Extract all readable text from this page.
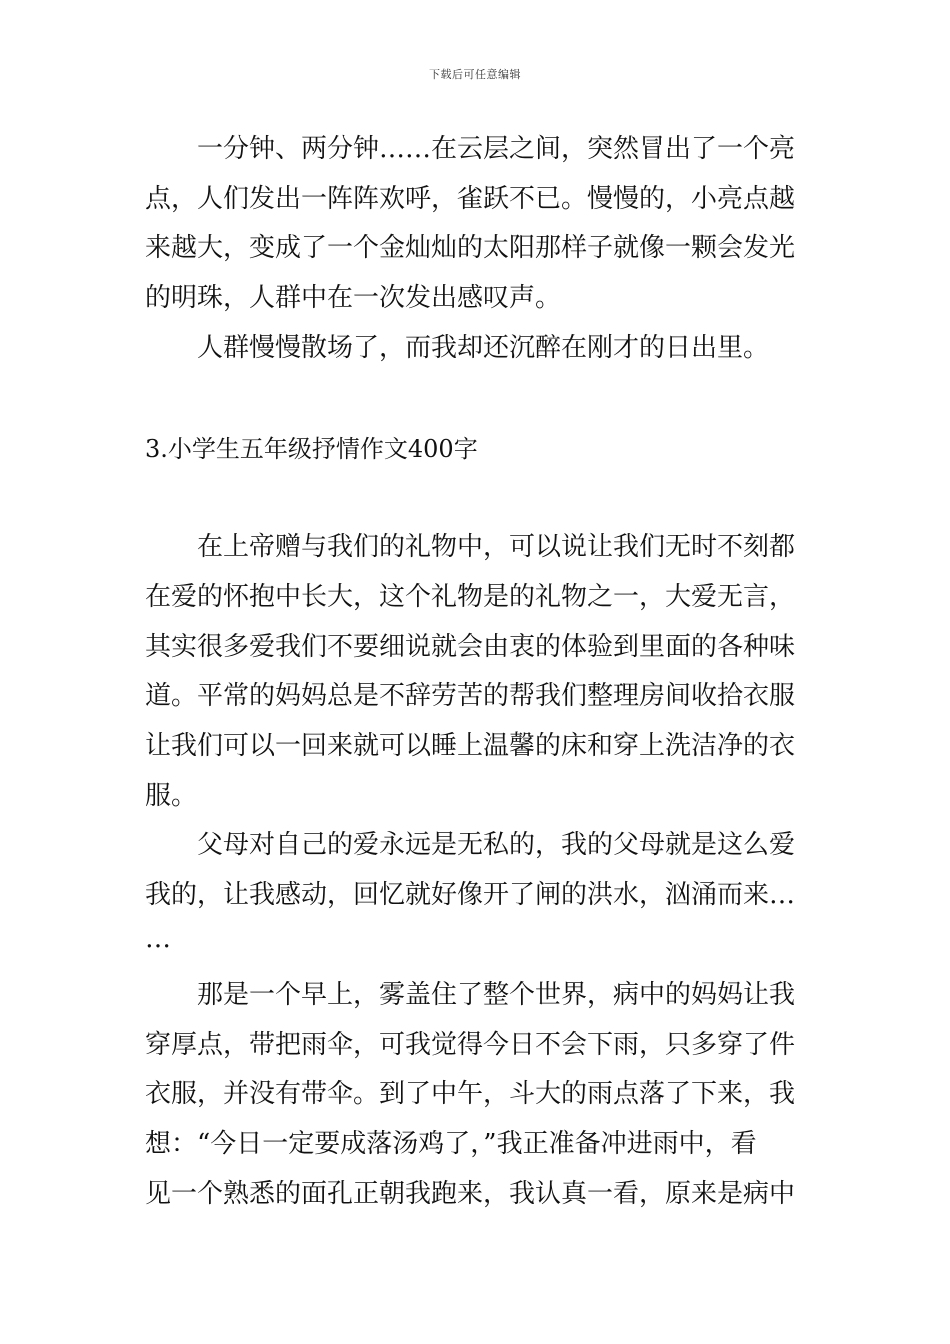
下载后可任意编辑
一分钟、两分钟……在云层之间，突然冒出了一个亮
点，人们发出一阵阵欢呼，雀跃不已。慢慢的，小亮点越
来越大，变成了一个金灿灿的太阳那样子就像一颗会发光
的明珠，人群中在一次发出感叹声。
人群慢慢散场了，而我却还沉醉在刚才的日出里。
3.小学生五年级抒情作文400字
在上帝赠与我们的礼物中，可以说让我们无时不刻都
在爱的怀抱中长大，这个礼物是的礼物之一，大爱无言，
其实很多爱我们不要细说就会由衷的体验到里面的各种味
道。平常的妈妈总是不辞劳苦的帮我们整理房间收拾衣服
让我们可以一回来就可以睡上温馨的床和穿上洗洁净的衣
服。
父母对自己的爱永远是无私的，我的父母就是这么爱
我的，让我感动，回忆就好像开了闸的洪水，汹涌而来…
…
那是一个早上，雾盖住了整个世界，病中的妈妈让我
穿厚点，带把雨伞，可我觉得今日不会下雨，只多穿了件
衣服，并没有带伞。到了中午，斗大的雨点落了下来，我
想：“今日一定要成落汤鸡了，”我正准备冲进雨中，看
见一个熟悉的面孔正朝我跑来，我认真一看，原来是病中
